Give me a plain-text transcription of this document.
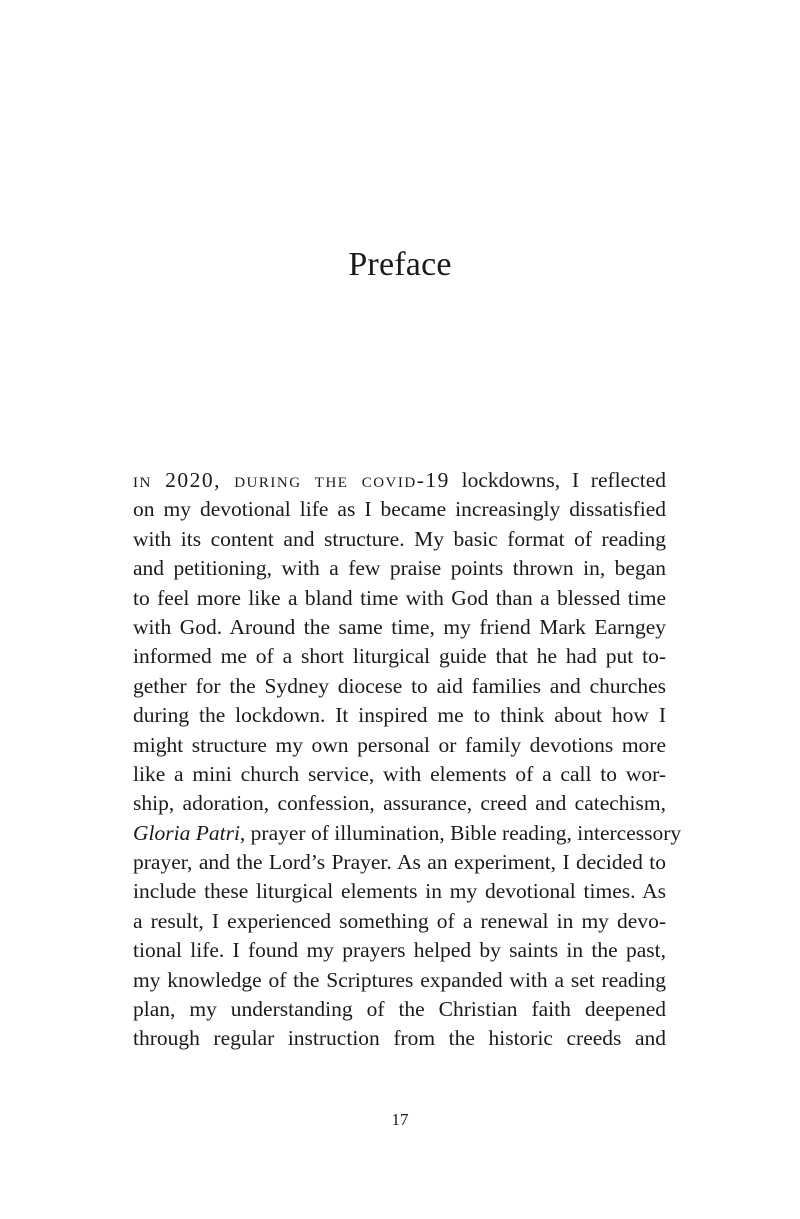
Preface
in 2020, during the covid-19 lockdowns, I reflected
on my devotional life as I became increasingly dissatisfied
with its content and structure. My basic format of reading
and petitioning, with a few praise points thrown in, began
to feel more like a bland time with God than a blessed time
with God. Around the same time, my friend Mark Earngey
informed me of a short liturgical guide that he had put to-
gether for the Sydney diocese to aid families and churches
during the lockdown. It inspired me to think about how I
might structure my own personal or family devotions more
like a mini church service, with elements of a call to wor-
ship, adoration, confession, assurance, creed and catechism,
Gloria Patri, prayer of illumination, Bible reading, intercessory
prayer, and the Lord’s Prayer. As an experiment, I decided to
include these liturgical elements in my devotional times. As
a result, I experienced something of a renewal in my devo-
tional life. I found my prayers helped by saints in the past,
my knowledge of the Scriptures expanded with a set reading
plan, my understanding of the Christian faith deepened
through regular instruction from the historic creeds and
17
